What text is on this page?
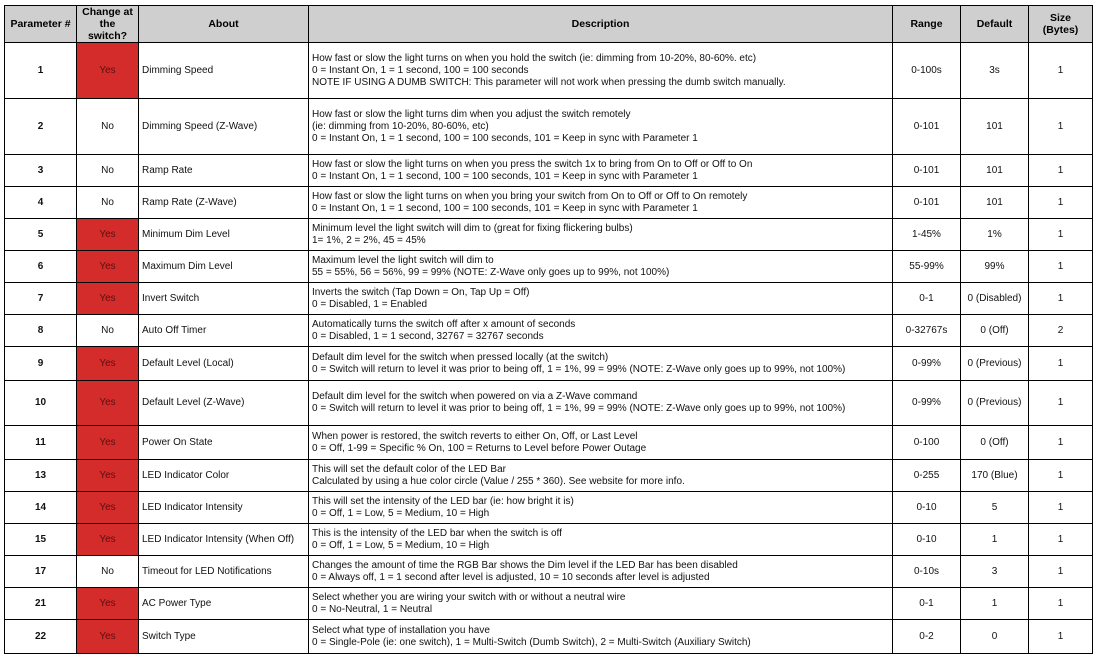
Parameter #	Change at the switch?	About	Description	Range	Default	Size (Bytes)
1	Yes	Dimming Speed	How fast or slow the light turns on when you hold the switch (ie: dimming from 10-20%, 80-60%. etc)
0 = Instant On, 1 = 1 second, 100 = 100 seconds
NOTE IF USING A DUMB SWITCH: This parameter will not work when pressing the dumb switch manually.	0-100s	3s	1
2	No	Dimming Speed (Z-Wave)	How fast or slow the light turns dim when you adjust the switch remotely
(ie: dimming from 10-20%, 80-60%, etc)
0 = Instant On, 1 = 1 second, 100 = 100 seconds, 101 = Keep in sync with Parameter 1	0-101	101	1
3	No	Ramp Rate	How fast or slow the light turns on when you press the switch 1x to bring from On to Off or Off to On
0 = Instant On, 1 = 1 second, 100 = 100 seconds, 101 = Keep in sync with Parameter 1	0-101	101	1
4	No	Ramp Rate (Z-Wave)	How fast or slow the light turns on when you bring your switch from On to Off or Off to On remotely
0 = Instant On, 1 = 1 second, 100 = 100 seconds, 101 = Keep in sync with Parameter 1	0-101	101	1
5	Yes	Minimum Dim Level	Minimum level the light switch will dim to (great for fixing flickering bulbs)
1= 1%, 2 = 2%, 45 = 45%	1-45%	1%	1
6	Yes	Maximum Dim Level	Maximum level the light switch will dim to
55 = 55%, 56 = 56%, 99 = 99% (NOTE: Z-Wave only goes up to 99%, not 100%)	55-99%	99%	1
7	Yes	Invert Switch	Inverts the switch (Tap Down = On, Tap Up = Off)
0 = Disabled, 1 = Enabled	0-1	0 (Disabled)	1
8	No	Auto Off Timer	Automatically turns the switch off after x amount of seconds
0 = Disabled, 1 = 1 second, 32767 = 32767 seconds	0-32767s	0 (Off)	2
9	Yes	Default Level (Local)	Default dim level for the switch when pressed locally (at the switch)
0 = Switch will return to level it was prior to being off, 1 = 1%, 99 = 99% (NOTE: Z-Wave only goes up to 99%, not 100%)	0-99%	0 (Previous)	1
10	Yes	Default Level (Z-Wave)	Default dim level for the switch when powered on via a Z-Wave command
0 = Switch will return to level it was prior to being off, 1 = 1%, 99 = 99% (NOTE: Z-Wave only goes up to 99%, not 100%)	0-99%	0 (Previous)	1
11	Yes	Power On State	When power is restored, the switch reverts to either On, Off, or Last Level
0 = Off, 1-99 = Specific % On, 100 = Returns to Level before Power Outage	0-100	0 (Off)	1
13	Yes	LED Indicator Color	This will set the default color of the LED Bar
Calculated by using a hue color circle (Value / 255 * 360). See website for more info.	0-255	170 (Blue)	1
14	Yes	LED Indicator Intensity	This will set the intensity of the LED bar (ie: how bright it is)
0 = Off, 1 = Low, 5 = Medium, 10 = High	0-10	5	1
15	Yes	LED Indicator Intensity (When Off)	This is the intensity of the LED bar when the switch is off
0 = Off, 1 = Low, 5 = Medium, 10 = High	0-10	1	1
17	No	Timeout for LED Notifications	Changes the amount of time the RGB Bar shows the Dim level if the LED Bar has been disabled
0 = Always off, 1 = 1 second after level is adjusted, 10 = 10 seconds after level is adjusted	0-10s	3	1
21	Yes	AC Power Type	Select whether you are wiring your switch with or without a neutral wire
0 = No-Neutral, 1 = Neutral	0-1	1	1
22	Yes	Switch Type	Select what type of installation you have
0 = Single-Pole (ie: one switch), 1 = Multi-Switch (Dumb Switch), 2 = Multi-Switch (Auxiliary Switch)	0-2	0	1
